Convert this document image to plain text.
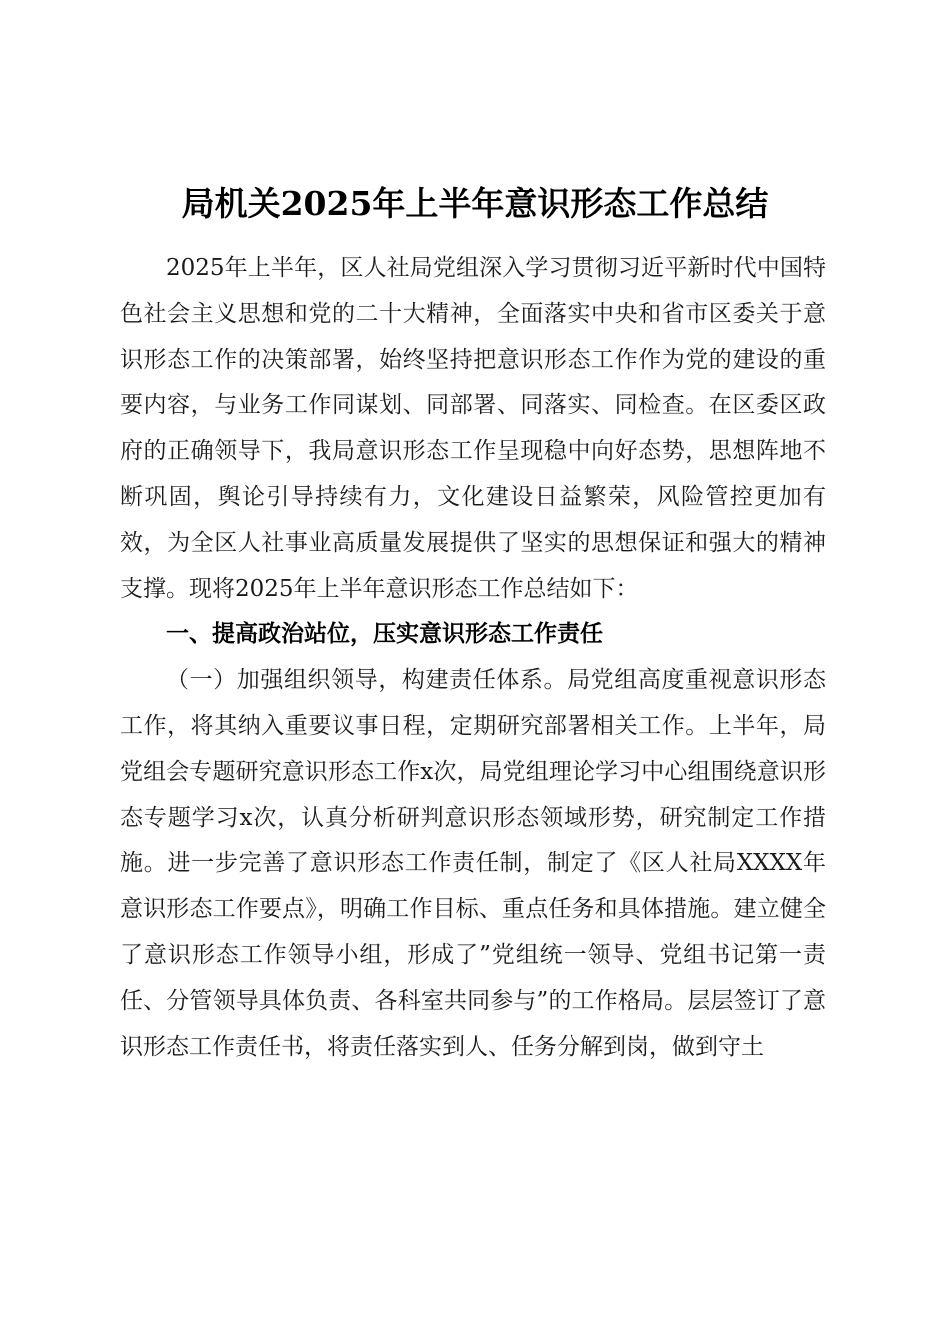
局机关2025年上半年意识形态工作总结

2025年上半年，区人社局党组深入学习贯彻习近平新时代中国特色社会主义思想和党的二十大精神，全面落实中央和省市区委关于意识形态工作的决策部署，始终坚持把意识形态工作作为党的建设的重要内容，与业务工作同谋划、同部署、同落实、同检查。在区委区政府的正确领导下，我局意识形态工作呈现稳中向好态势，思想阵地不断巩固，舆论引导持续有力，文化建设日益繁荣，风险管控更加有效，为全区人社事业高质量发展提供了坚实的思想保证和强大的精神支撑。现将2025年上半年意识形态工作总结如下：

一、提高政治站位，压实意识形态工作责任

（一）加强组织领导，构建责任体系。局党组高度重视意识形态工作，将其纳入重要议事日程，定期研究部署相关工作。上半年，局党组会专题研究意识形态工作x次，局党组理论学习中心组围绕意识形态专题学习x次，认真分析研判意识形态领域形势，研究制定工作措施。进一步完善了意识形态工作责任制，制定了《区人社局XXXX年意识形态工作要点》，明确工作目标、重点任务和具体措施。建立健全了意识形态工作领导小组，形成了”党组统一领导、党组书记第一责任、分管领导具体负责、各科室共同参与”的工作格局。层层签订了意识形态工作责任书，将责任落实到人、任务分解到岗，做到守土
